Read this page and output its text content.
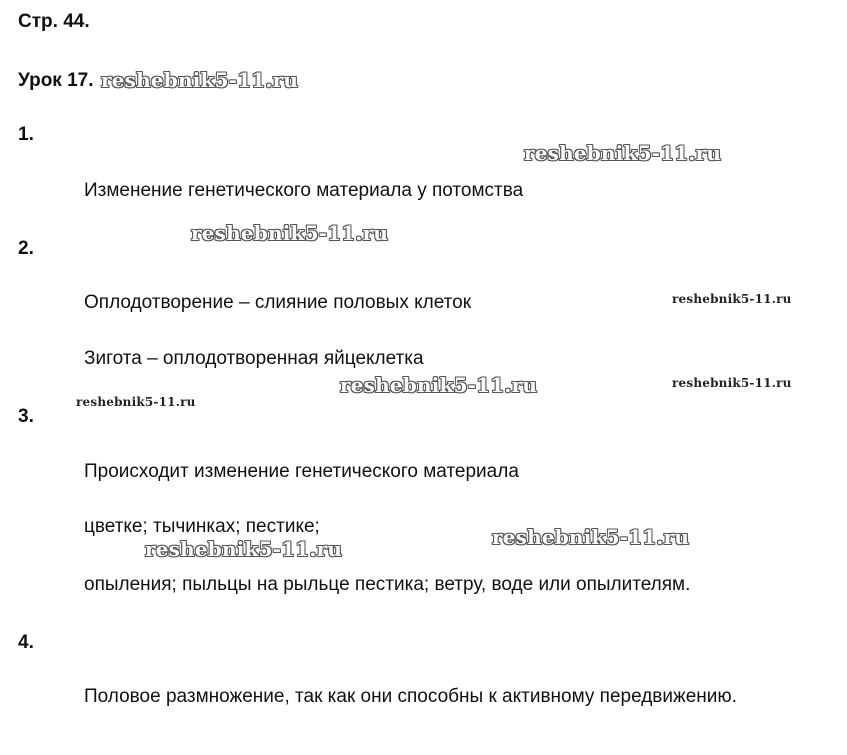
Стр. 44.
Урок 17.
1.
Изменение генетического материала у потомства
2.
Оплодотворение – слияние половых клеток
Зигота – оплодотворенная яйцеклетка
3.
Происходит изменение генетического материала
цветке; тычинках; пестике;
опыления; пыльцы на рыльце пестика; ветру, воде или опылителям.
4.
Половое размножение, так как они способны к активному передвижению.
reshebnik5-11.ru
reshebnik5-11.ru
reshebnik5-11.ru
reshebnik5-11.ru
reshebnik5-11.ru	reshebnik5-11.ru
reshebnik5-11.ru
reshebnik5-11.ru
reshebnik5-11.ru
